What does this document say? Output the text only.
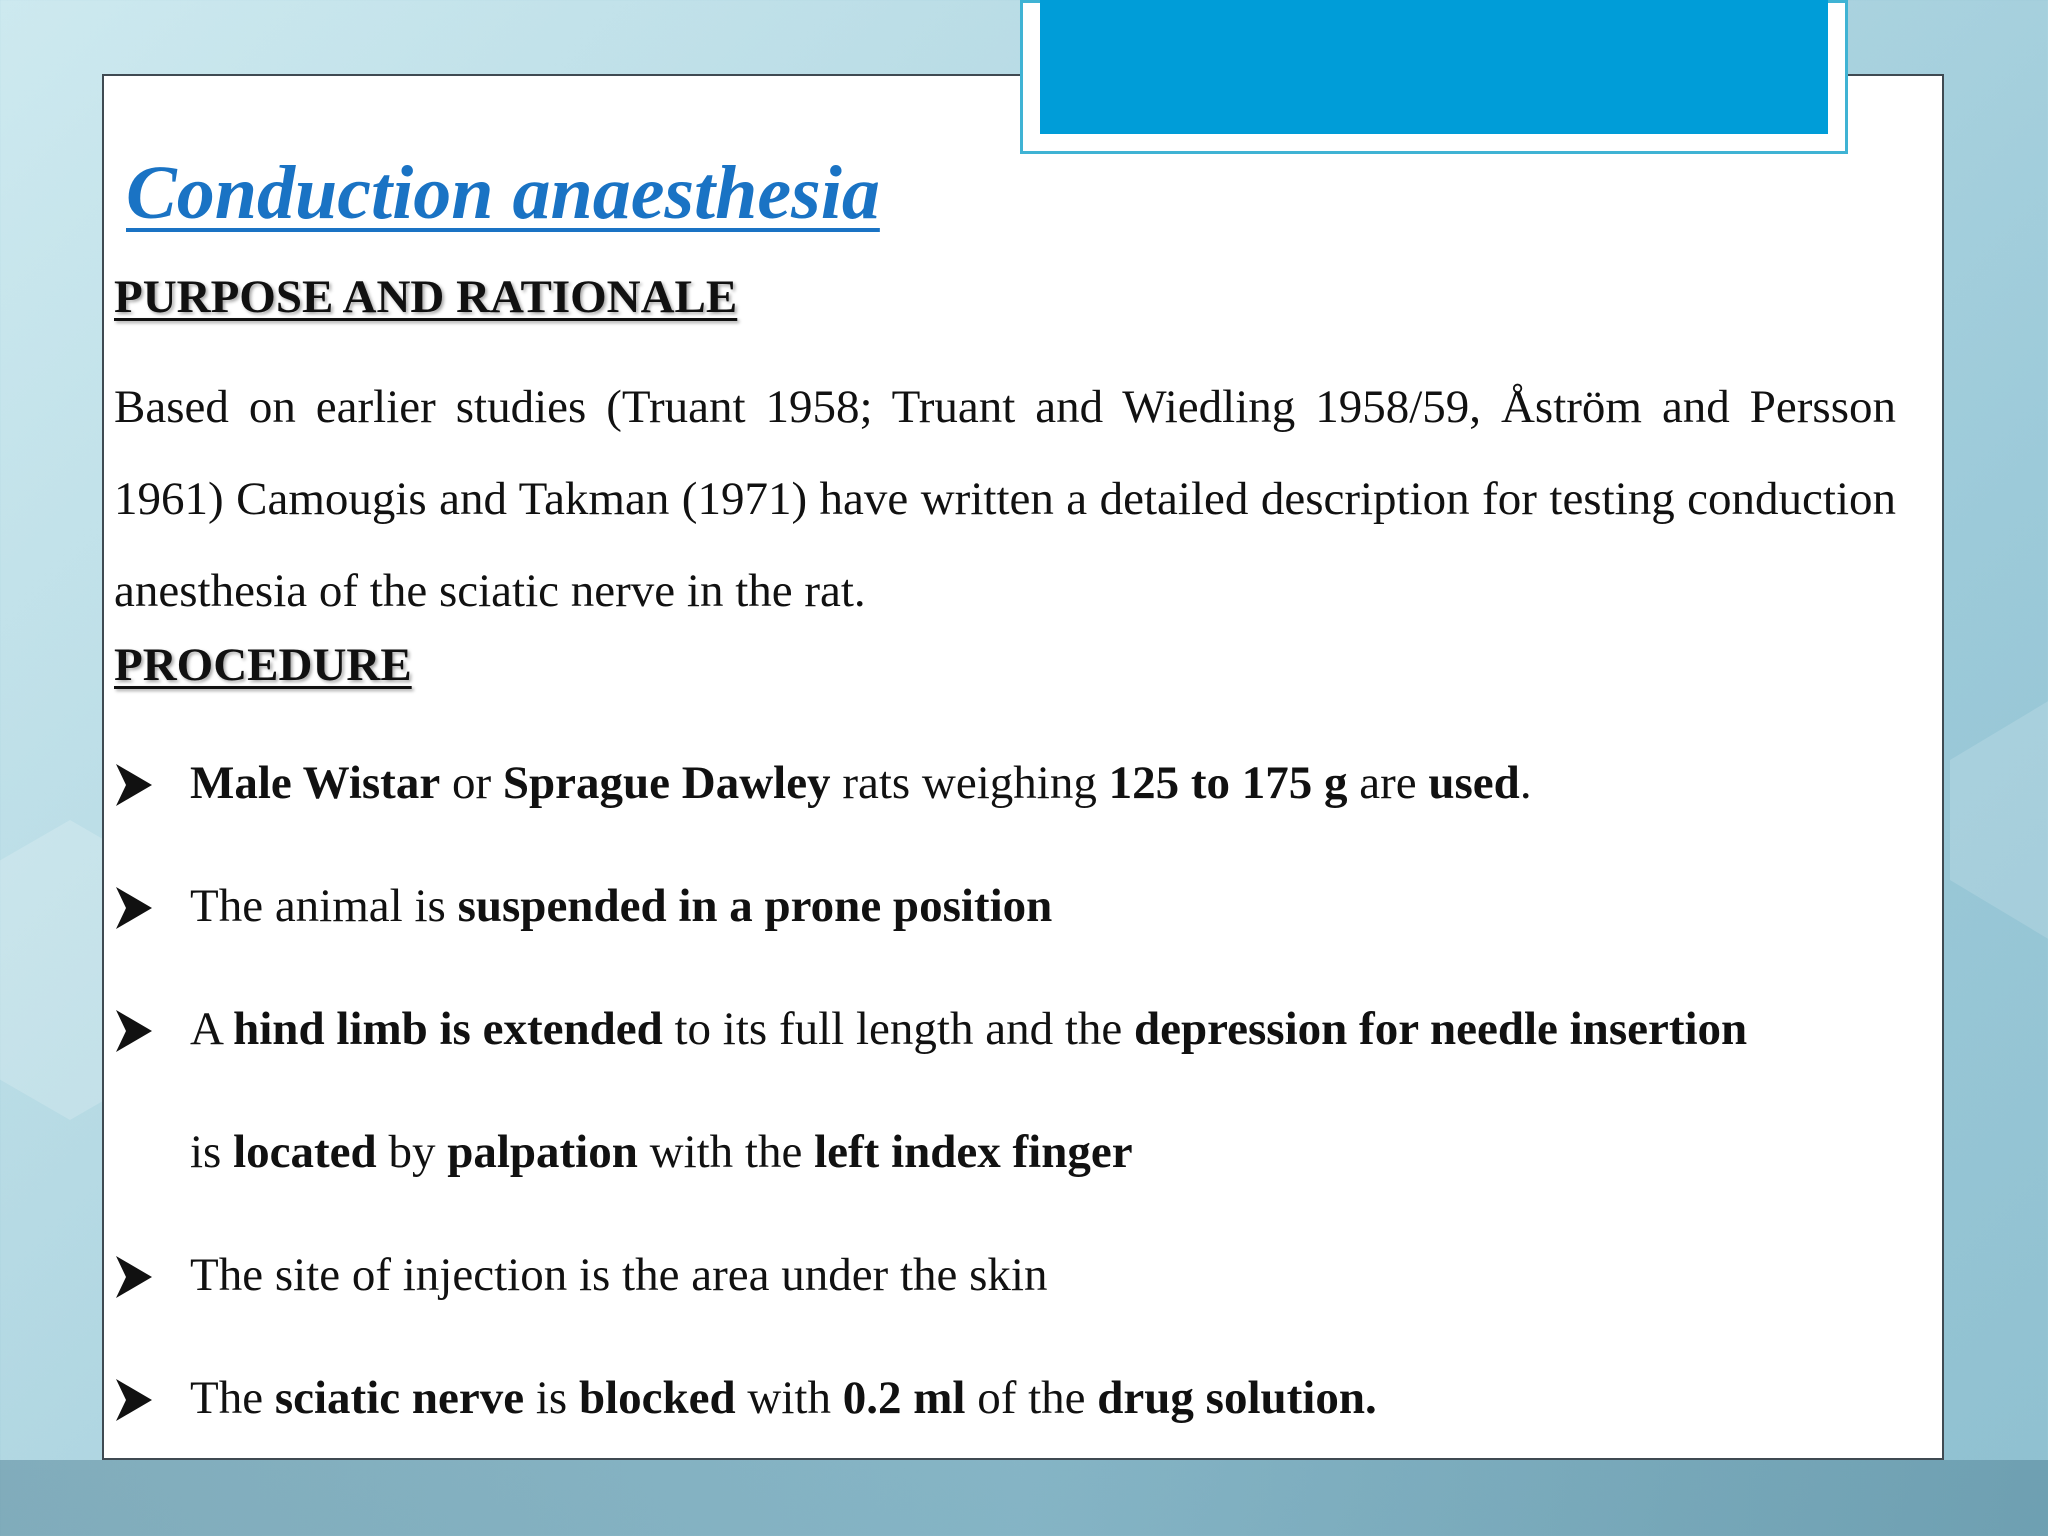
Conduction anaesthesia
PURPOSE AND RATIONALE
Based on earlier studies (Truant 1958; Truant and Wiedling 1958/59, Åström and Persson 1961) Camougis and Takman (1971) have written a detailed description for testing conduction anesthesia of the sciatic nerve in the rat.
PROCEDURE
Male Wistar or Sprague Dawley rats weighing 125 to 175 g are used.
The animal is suspended in a prone position
A hind limb is extended to its full length and the depression for needle insertion
is located by palpation with the left index finger
The site of injection is the area under the skin
The sciatic nerve is blocked with 0.2 ml of the drug solution.
